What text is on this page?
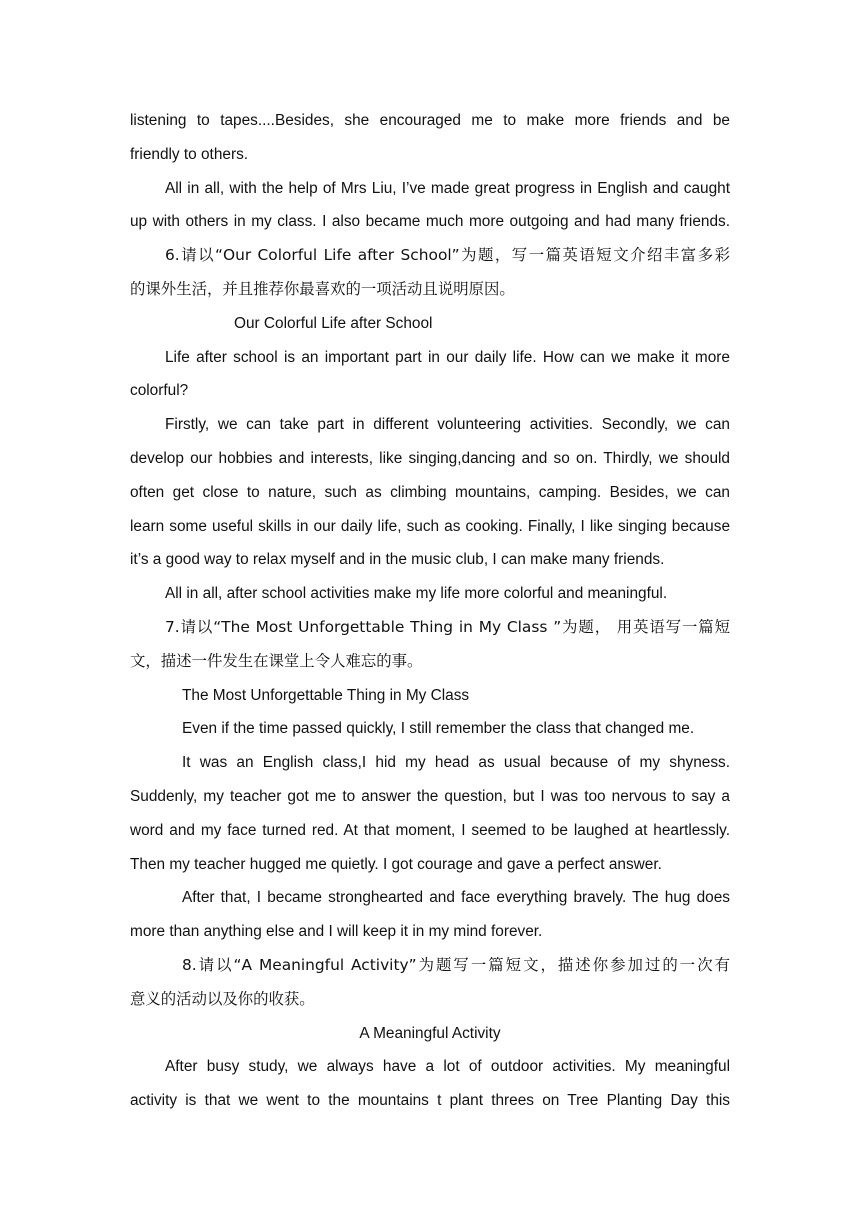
listening to tapes....Besides, she encouraged me to make more friends and be
friendly to others.
All in all, with the help of Mrs Liu, I’ve made great progress in English and caught
up with others in my class. I also became much more outgoing and had many friends.
6.请以“Our Colorful Life after School”为题，写一篇英语短文介绍丰富多彩
的课外生活，并且推荐你最喜欢的一项活动且说明原因。
Our Colorful Life after School
Life after school is an important part in our daily life. How can we make it more
colorful?
Firstly, we can take part in different volunteering activities. Secondly, we can
develop our hobbies and interests, like singing,dancing and so on. Thirdly, we should
often get close to nature, such as climbing mountains, camping. Besides, we can
learn some useful skills in our daily life, such as cooking. Finally, I like singing because
it’s a good way to relax myself and in the music club, I can make many friends.
All in all, after school activities make my life more colorful and meaningful.
7.请以“The Most Unforgettable Thing in My Class ”为题， 用英语写一篇短
文，描述一件发生在课堂上令人难忘的事。
The Most Unforgettable Thing in My Class
Even if the time passed quickly, I still remember the class that changed me.
It was an English class,I hid my head as usual because of my shyness.
Suddenly, my teacher got me to answer the question, but I was too nervous to say a
word and my face turned red. At that moment, I seemed to be laughed at heartlessly.
Then my teacher hugged me quietly. I got courage and gave a perfect answer.
After that, I became stronghearted and face everything bravely. The hug does
more than anything else and I will keep it in my mind forever.
8.请以“A Meaningful Activity”为题写一篇短文，描述你参加过的一次有
意义的活动以及你的收获。
A Meaningful Activity
After busy study, we always have a lot of outdoor activities. My meaningful
activity is that we went to the mountains t plant threes on Tree Planting Day this
